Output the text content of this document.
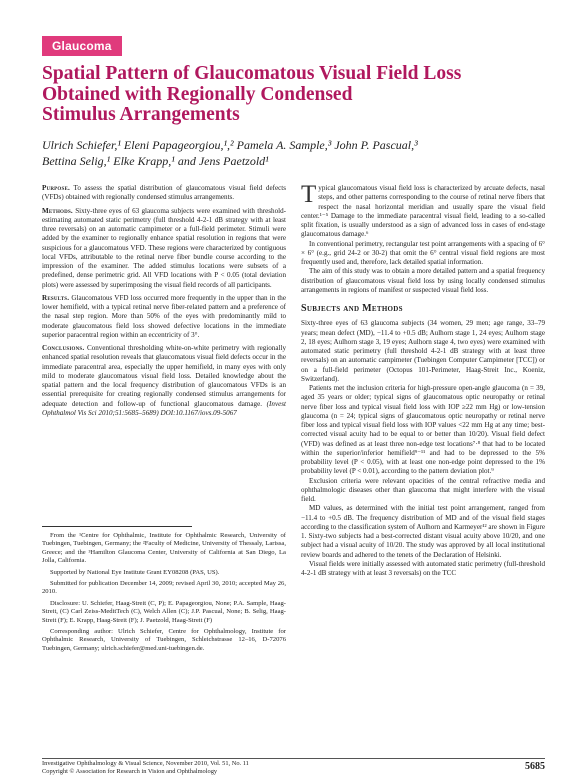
Glaucoma
Spatial Pattern of Glaucomatous Visual Field Loss
Obtained with Regionally Condensed
Stimulus Arrangements
Ulrich Schiefer,¹ Eleni Papageorgiou,¹,² Pamela A. Sample,³ John P. Pascual,³
Bettina Selig,¹ Elke Krapp,¹ and Jens Paetzold¹

Purpose. To assess the spatial distribution of glaucomatous visual field defects (VFDs) obtained with regionally condensed stimulus arrangements.

Methods. Sixty-three eyes of 63 glaucoma subjects were examined with threshold-estimating automated static perimetry (full threshold 4-2-1 dB strategy with at least three reversals) on an automatic campimeter or a full-field perimeter. Stimuli were added by the examiner to regionally enhance spatial resolution in regions that were suspicious for a glaucomatous VFD. These regions were characterized by contiguous local VFDs, attributable to the retinal nerve fiber bundle course according to the impression of the examiner. The added stimulus locations were subsets of a predefined, dense perimetric grid. All VFD locations with P < 0.05 (total deviation plots) were assessed by superimposing the visual field records of all participants.

Results. Glaucomatous VFD loss occurred more frequently in the upper than in the lower hemifield, with a typical retinal nerve fiber-related pattern and a preference of the nasal step region. More than 50% of the eyes with predominantly mild to moderate glaucomatous field loss showed defective locations in the immediate superior paracentral region within an eccentricity of 3°.

Conclusions. Conventional thresholding white-on-white perimetry with regionally enhanced spatial resolution reveals that glaucomatous visual field defects occur in the immediate paracentral area, especially the upper hemifield, in many eyes with only mild to moderate glaucomatous visual field loss. Detailed knowledge about the spatial pattern and the local frequency distribution of glaucomatous VFDs is an essential prerequisite for creating regionally condensed stimulus arrangements for adequate detection and follow-up of functional glaucomatous damage. (Invest Ophthalmol Vis Sci 2010;51:5685–5689) DOI:10.1167/iovs.09-5067

From the ¹Centre for Ophthalmic, Institute for Ophthalmic Research, University of Tuebingen, Tuebingen, Germany; the ²Faculty of Medicine, University of Thessaly, Larissa, Greece; and the ³Hamilton Glaucoma Center, University of California at San Diego, La Jolla, California.

Supported by National Eye Institute Grant EY08208 (PAS, US).

Submitted for publication December 14, 2009; revised April 30, 2010; accepted May 26, 2010.

Disclosure: U. Schiefer, Haag-Streit (C, P); E. Papageorgiou, None; P.A. Sample, Haag-Streit, (C) Carl Zeiss-MeditTech (C), Welch Allen (C); J.P. Pascual, None; B. Selig, Haag-Streit (F); E. Krapp, Haag-Streit (F); J. Paetzold, Haag-Streit (F)

Corresponding author: Ulrich Schiefer, Centre for Ophthalmology, Institute for Ophthalmic Research, University of Tuebingen, Schleichstrasse 12–16, D-72076 Tuebingen, Germany; ulrich.schiefer@med.uni-tuebingen.de.

Typical glaucomatous visual field loss is characterized by arcuate defects, nasal steps, and other patterns corresponding to the course of retinal nerve fibers that respect the nasal horizontal meridian and usually spare the visual field center.¹⁻⁵ Damage to the immediate paracentral visual field, leading to a so-called split fixation, is usually understood as a sign of advanced loss in cases of end-stage glaucomatous damage.⁶

In conventional perimetry, rectangular test point arrangements with a spacing of 6° × 6° (e.g., grid 24-2 or 30-2) that omit the 6° central visual field regions are most frequently used and, therefore, lack detailed spatial information.

The aim of this study was to obtain a more detailed pattern and a spatial frequency distribution of glaucomatous visual field loss by using locally condensed stimulus arrangements in regions of manifest or suspected visual field loss.

Subjects and Methods

Sixty-three eyes of 63 glaucoma subjects (34 women, 29 men; age range, 33–79 years; mean defect (MD), −11.4 to +0.5 dB; Aulhorn stage 1, 24 eyes; Aulhorn stage 2, 18 eyes; Aulhorn stage 3, 19 eyes; Aulhorn stage 4, two eyes) were examined with automated static perimetry (full threshold 4-2-1 dB strategy with at least three reversals) on an automatic campimeter (Tuebingen Computer Campimeter [TCC]) or on a full-field perimeter (Octopus 101-Perimeter, Haag-Streit Inc., Koeniz, Switzerland).

Patients met the inclusion criteria for high-pressure open-angle glaucoma (n = 39, aged 35 years or older; typical signs of glaucomatous optic neuropathy or retinal nerve fiber loss and typical visual field loss with IOP ≥22 mm Hg) or low-tension glaucoma (n = 24; typical signs of glaucomatous optic neuropathy or retinal nerve fiber loss and typical visual field loss with IOP values <22 mm Hg at any time; best-corrected visual acuity had to be equal to or better than 10/20). Visual field defect (VFD) was defined as at least three non-edge test locations⁷·⁸ that had to be located within the superior/inferior hemifield⁹⁻¹¹ and had to be depressed to the 5% probability level (P < 0.05), with at least one non-edge point depressed to the 1% probability level (P < 0.01), according to the pattern deviation plot.⁹

Exclusion criteria were relevant opacities of the central refractive media and ophthalmologic diseases other than glaucoma that might interfere with the visual field.

MD values, as determined with the initial test point arrangement, ranged from −11.4 to +0.5 dB. The frequency distribution of MD and of the visual field stages according to the classification system of Aulhorn and Karmeyer¹² are shown in Figure 1. Sixty-two subjects had a best-corrected distant visual acuity above 10/20, and one subject had a visual acuity of 10/20. The study was approved by all local institutional review boards and adhered to the tenets of the Declaration of Helsinki.

Visual fields were initially assessed with automated static perimetry (full-threshold 4-2-1 dB strategy with at least 3 reversals) on the TCC

Investigative Ophthalmology & Visual Science, November 2010, Vol. 51, No. 11
Copyright © Association for Research in Vision and Ophthalmology	5685
